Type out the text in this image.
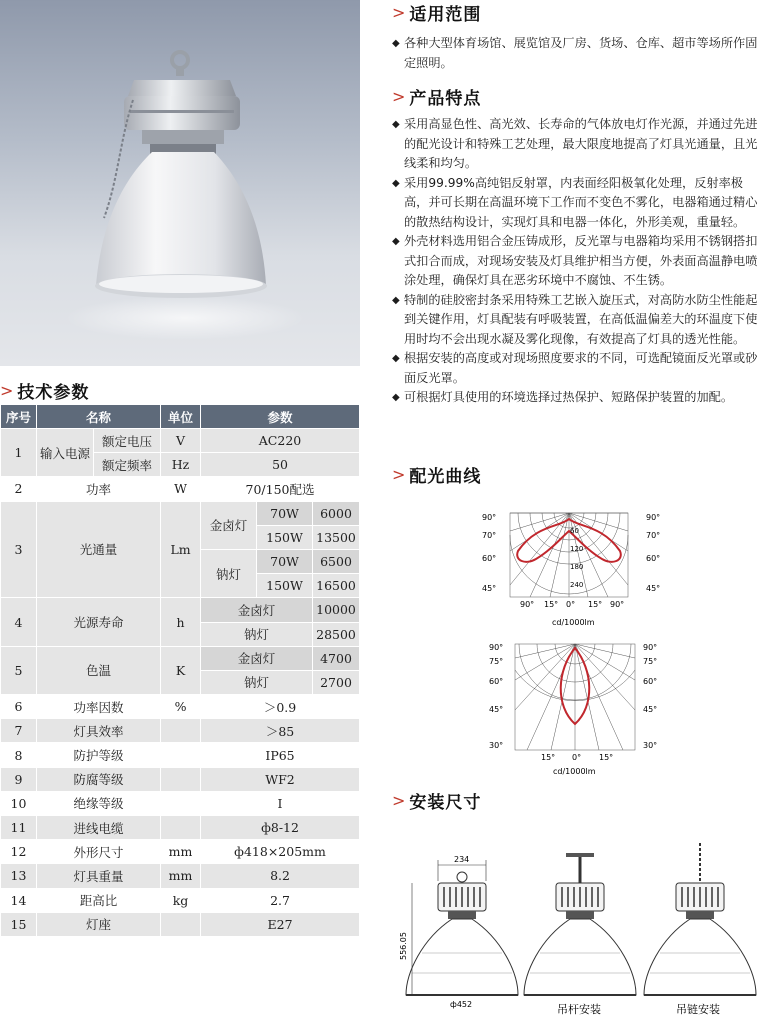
> 适用范围
◆ 各种大型体育场馆、展览馆及厂房、货场、仓库、超市等场所作固定照明。
> 产品特点
◆ 采用高显色性、高光效、长寿命的气体放电灯作光源，并通过先进的配光设计和特殊工艺处理，最大限度地提高了灯具光通量，且光线柔和均匀。
◆ 采用99.99%高纯铝反射罩，内表面经阳极氧化处理，反射率极高，并可长期在高温环境下工作而不变色不雾化，电器箱通过精心的散热结构设计，实现灯具和电器一体化，外形美观，重量轻。
◆ 外壳材料选用铝合金压铸成形，反光罩与电器箱均采用不锈钢搭扣式扣合而成，对现场安装及灯具维护相当方便，外表面高温静电喷涂处理，确保灯具在恶劣环境中不腐蚀、不生锈。
◆ 特制的硅胶密封条采用特殊工艺嵌入旋压式，对高防水防尘性能起到关键作用，灯具配装有呼吸装置，在高低温偏差大的环温度下使用时均不会出现水凝及雾化现像，有效提高了灯具的透光性能。
◆ 根据安装的高度或对现场照度要求的不同，可选配镜面反光罩或砂面反光罩。
◆ 可根据灯具使用的环境选择过热保护、短路保护装置的加配。
> 配光曲线
90°	90°
70°	70°
60°	60°
45°	45°
60
120
180
240
90° 15° 0° 15° 90°
cd/1000lm
90°	90°
75°	75°
60°	60°
45°	45°
30°	30°
15° 0° 15°
cd/1000lm
> 安装尺寸
234
556.05
ф452	吊杆安装	吊链安装
> 技术参数
序号	名称		单位	参数		
1	输入电源	额定电压	V	AC220		
		额定频率	Hz	50		
2	功率		W	70/150配选		
3	光通量		Lm	金卤灯	70W	6000
					150W	13500
				钠灯	70W	6500
					150W	16500
4	光源寿命		h	金卤灯		10000
				钠灯		28500
5	色温		K	金卤灯		4700
				钠灯		2700
6	功率因数		%	＞0.9		
7	灯具效率			＞85		
8	防护等级			IP65		
9	防腐等级			WF2		
10	绝缘等级			I		
11	进线电缆			ф8-12		
12	外形尺寸		mm	ф418×205mm		
13	灯具重量		mm	8.2		
14	距高比		kg	2.7		
15	灯座			E27		
